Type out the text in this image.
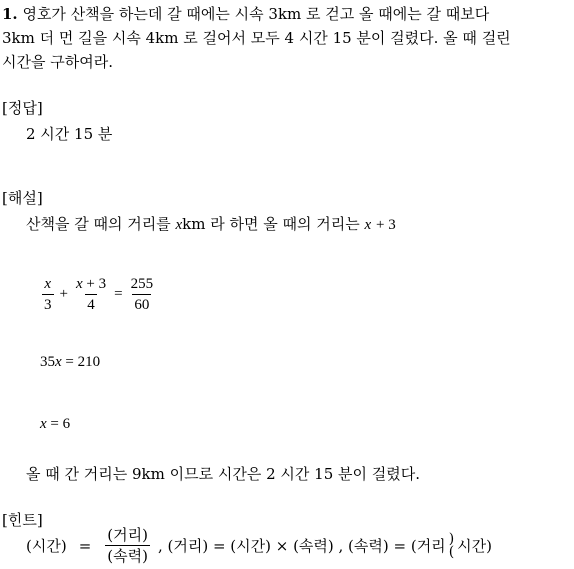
1. 영호가 산책을 하는데 갈 때에는 시속 3km 로 걷고 올 때에는 갈 때보다
3km 더 먼 길을 시속 4km 로 걸어서 모두 4 시간 15 분이 걸렸다. 올 때 걸린
시간을 구하여라.
[정답]
2 시간 15 분
[해설]
산책을 갈 때의 거리를 xkm 라 하면 올 때의 거리는 x + 3
$\frac{x}{3} + \frac{x + 3}{4} = \frac{255}{60}$
35x = 210
x = 6
올 때 간 거리는 9km 이므로 시간은 2 시간 15 분이 걸렸다.
[힌트]
(시간) = $\frac{\text{(거리)}}{\text{(속력)}}$ , (거리) = (시간) × (속력) , (속력) = (거리 )
( 시간)
